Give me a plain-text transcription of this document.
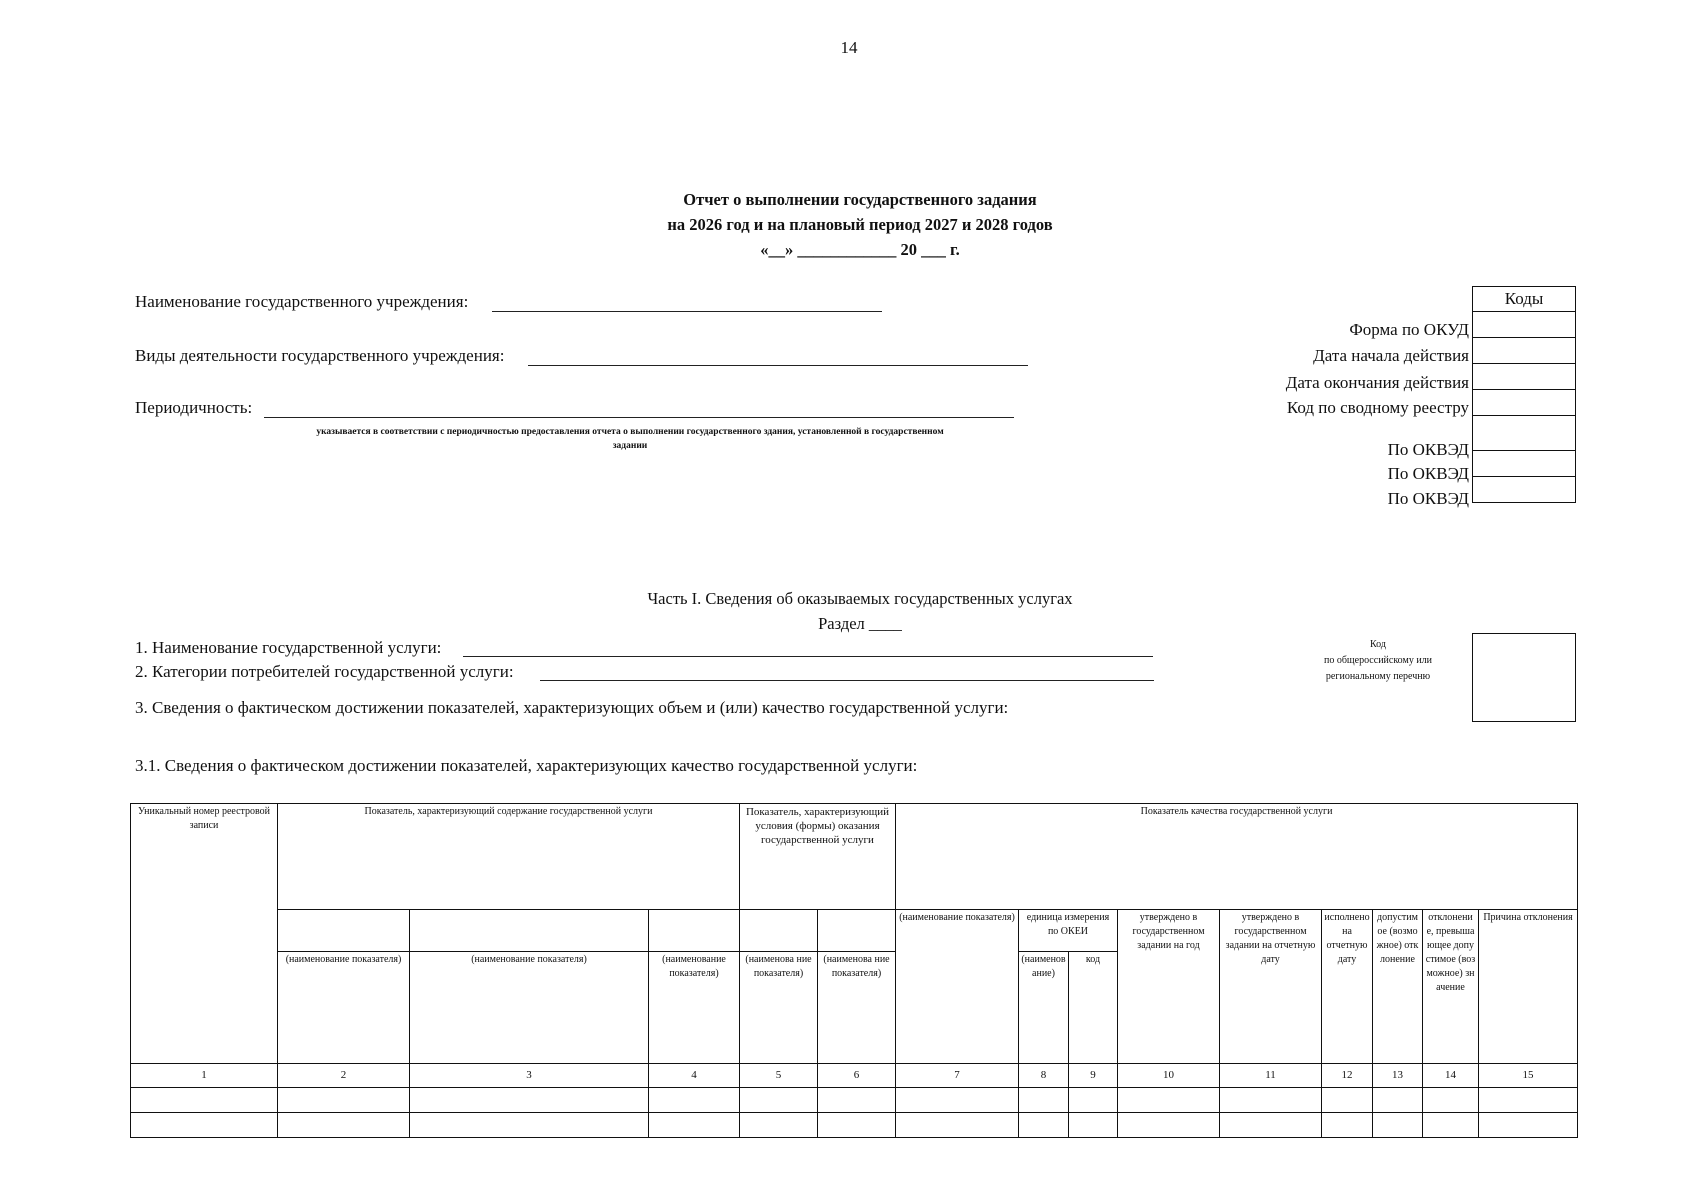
14
Отчет о выполнении государственного задания
на 2026 год и на плановый период 2027 и 2028 годов
«__» ____________ 20 ___ г.
Наименование государственного учреждения:
Виды деятельности государственного учреждения:
Периодичность:
указывается в соответствии с периодичностью предоставления отчета о выполнении государственного здания, установленной в государственном
задании
Коды

Форма по ОКУД
Дата начала действия
Дата окончания действия
Код по сводному реестру
По ОКВЭД
По ОКВЭД
По ОКВЭД
Часть I. Сведения об оказываемых государственных услугах
Раздел ____
1. Наименование государственной услуги:
2. Категории потребителей государственной услуги:
3. Сведения о фактическом достижении показателей, характеризующих объем и (или) качество государственной услуги:
Код
по общероссийскому или
региональному перечню
3.1. Сведения о фактическом достижении показателей, характеризующих качество государственной услуги:
Уникальный номер реестровой записи	Показатель, характеризующий содержание государственной услуги			Показатель, характеризующий условия (формы) оказания государственной услуги		Показатель качества государственной услуги								
						(наименование показателя)	единица измерения по ОКЕИ		утверждено в государственном задании на год	утверждено в государственном задании на отчетную дату	исполнено на отчетную дату	допустимое (возможное) отклонение	отклонение, превышающее допустимое (возможное) значение	Причина отклонения
	(наименование показателя)	(наименование показателя)	(наименование показателя)	(наименова ние показателя)	(наименова ние показателя)		(наименование)	код						
1	2	3	4	5	6	7	8	9	10	11	12	13	14	15
